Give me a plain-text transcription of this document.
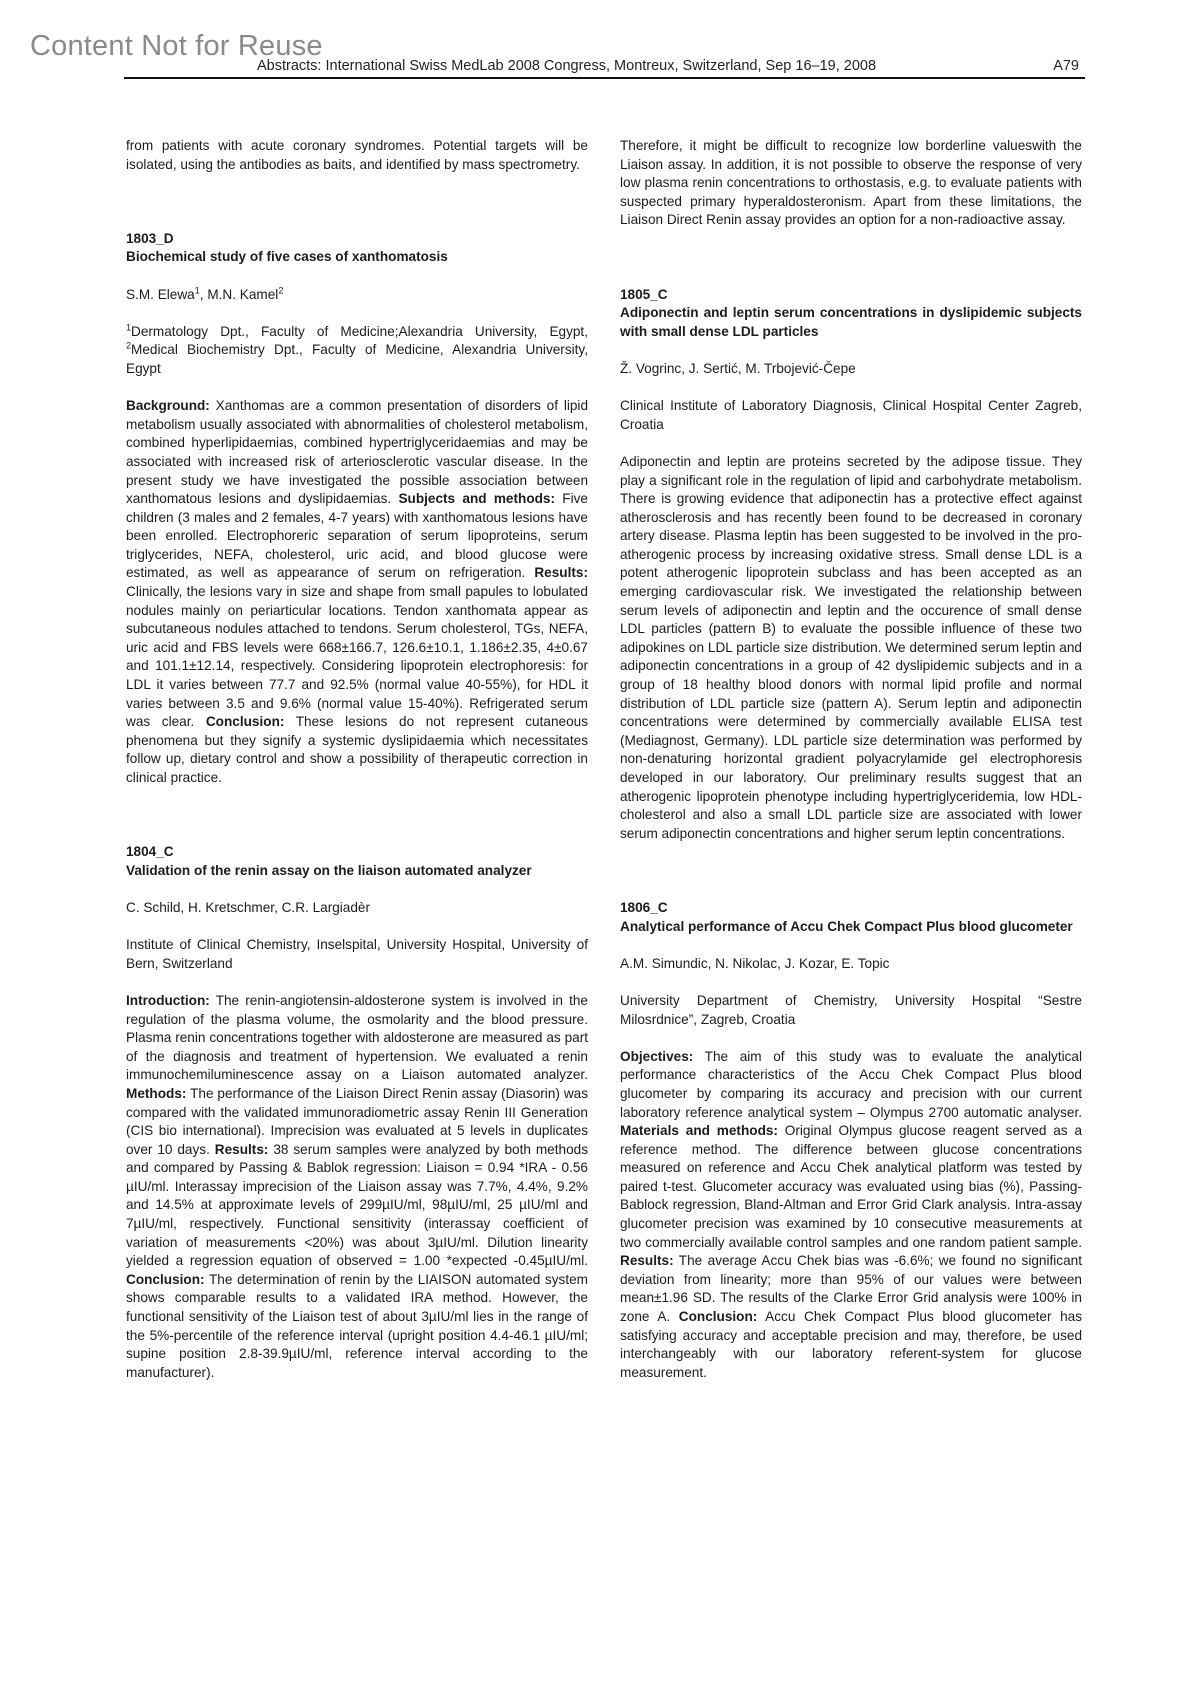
Content Not for Reuse
Abstracts: International Swiss MedLab 2008 Congress, Montreux, Switzerland, Sep 16–19, 2008	A79

from patients with acute coronary syndromes. Potential targets will be isolated, using the antibodies as baits, and identified by mass spectrometry.

1803_D

Biochemical study of five cases of xanthomatosis

S.M. Elewa$^1$, M.N. Kamel$^2$

$^1$Dermatology Dpt., Faculty of Medicine;Alexandria University, Egypt, $^2$Medical Biochemistry Dpt., Faculty of Medicine, Alexandria University, Egypt

Background: Xanthomas are a common presentation of disorders of lipid metabolism usually associated with abnormalities of cholesterol metabolism, combined hyperlipidaemias, combined hypertriglyceridaemias and may be associated with increased risk of arteriosclerotic vascular disease. In the present study we have investigated the possible association between xanthomatous lesions and dyslipidaemias. Subjects and methods: Five children (3 males and 2 females, 4-7 years) with xanthomatous lesions have been enrolled. Electrophoreric separation of serum lipoproteins, serum triglycerides, NEFA, cholesterol, uric acid, and blood glucose were estimated, as well as appearance of serum on refrigeration. Results: Clinically, the lesions vary in size and shape from small papules to lobulated nodules mainly on periarticular locations. Tendon xanthomata appear as subcutaneous nodules attached to tendons. Serum cholesterol, TGs, NEFA, uric acid and FBS levels were 668±166.7, 126.6±10.1, 1.186±2.35, 4±0.67 and 101.1±12.14, respectively. Considering lipoprotein electrophoresis: for LDL it varies between 77.7 and 92.5% (normal value 40-55%), for HDL it varies between 3.5 and 9.6% (normal value 15-40%). Refrigerated serum was clear. Conclusion: These lesions do not represent cutaneous phenomena but they signify a systemic dyslipidaemia which necessitates follow up, dietary control and show a possibility of therapeutic correction in clinical practice.

1804_C

Validation of the renin assay on the liaison automated analyzer

C. Schild, H. Kretschmer, C.R. Largiadèr

Institute of Clinical Chemistry, Inselspital, University Hospital, University of Bern, Switzerland

Introduction: The renin-angiotensin-aldosterone system is involved in the regulation of the plasma volume, the osmolarity and the blood pressure. Plasma renin concentrations together with aldosterone are measured as part of the diagnosis and treatment of hypertension. We evaluated a renin immunochemiluminescence assay on a Liaison automated analyzer. Methods: The performance of the Liaison Direct Renin assay (Diasorin) was compared with the validated immunoradiometric assay Renin III Generation (CIS bio international). Imprecision was evaluated at 5 levels in duplicates over 10 days. Results: 38 serum samples were analyzed by both methods and compared by Passing & Bablok regression: Liaison = 0.94 *IRA - 0.56 µIU/ml. Interassay imprecision of the Liaison assay was 7.7%, 4.4%, 9.2% and 14.5% at approximate levels of 299µIU/ml, 98µIU/ml, 25 µIU/ml and 7µIU/ml, respectively. Functional sensitivity (interassay coefficient of variation of measurements <20%) was about 3µIU/ml. Dilution linearity yielded a regression equation of observed = 1.00 *expected -0.45µIU/ml. Conclusion: The determination of renin by the LIAISON automated system shows comparable results to a validated IRA method. However, the functional sensitivity of the Liaison test of about 3µIU/ml lies in the range of the 5%-percentile of the reference interval (upright position 4.4-46.1 µIU/ml; supine position 2.8-39.9µIU/ml, reference interval according to the manufacturer).

Therefore, it might be difficult to recognize low borderline valueswith the Liaison assay. In addition, it is not possible to observe the response of very low plasma renin concentrations to orthostasis, e.g. to evaluate patients with suspected primary hyperaldosteronism. Apart from these limitations, the Liaison Direct Renin assay provides an option for a non-radioactive assay.

1805_C

Adiponectin and leptin serum concentrations in dyslipidemic subjects with small dense LDL particles

Ž. Vogrinc, J. Sertić, M. Trbojević-Čepe

Clinical Institute of Laboratory Diagnosis, Clinical Hospital Center Zagreb, Croatia

Adiponectin and leptin are proteins secreted by the adipose tissue. They play a significant role in the regulation of lipid and carbohydrate metabolism. There is growing evidence that adiponectin has a protective effect against atherosclerosis and has recently been found to be decreased in coronary artery disease. Plasma leptin has been suggested to be involved in the pro-atherogenic process by increasing oxidative stress. Small dense LDL is a potent atherogenic lipoprotein subclass and has been accepted as an emerging cardiovascular risk. We investigated the relationship between serum levels of adiponectin and leptin and the occurence of small dense LDL particles (pattern B) to evaluate the possible influence of these two adipokines on LDL particle size distribution. We determined serum leptin and adiponectin concentrations in a group of 42 dyslipidemic subjects and in a group of 18 healthy blood donors with normal lipid profile and normal distribution of LDL particle size (pattern A). Serum leptin and adiponectin concentrations were determined by commercially available ELISA test (Mediagnost, Germany). LDL particle size determination was performed by non-denaturing horizontal gradient polyacrylamide gel electrophoresis developed in our laboratory. Our preliminary results suggest that an atherogenic lipoprotein phenotype including hypertriglyceridemia, low HDL-cholesterol and also a small LDL particle size are associated with lower serum adiponectin concentrations and higher serum leptin concentrations.

1806_C

Analytical performance of Accu Chek Compact Plus blood glucometer

A.M. Simundic, N. Nikolac, J. Kozar, E. Topic

University Department of Chemistry, University Hospital “Sestre Milosrdnice”, Zagreb, Croatia

Objectives: The aim of this study was to evaluate the analytical performance characteristics of the Accu Chek Compact Plus blood glucometer by comparing its accuracy and precision with our current laboratory reference analytical system – Olympus 2700 automatic analyser. Materials and methods: Original Olympus glucose reagent served as a reference method. The difference between glucose concentrations measured on reference and Accu Chek analytical platform was tested by paired t-test. Glucometer accuracy was evaluated using bias (%), Passing-Bablock regression, Bland-Altman and Error Grid Clark analysis. Intra-assay glucometer precision was examined by 10 consecutive measurements at two commercially available control samples and one random patient sample. Results: The average Accu Chek bias was -6.6%; we found no significant deviation from linearity; more than 95% of our values were between mean±1.96 SD. The results of the Clarke Error Grid analysis were 100% in zone A. Conclusion: Accu Chek Compact Plus blood glucometer has satisfying accuracy and acceptable precision and may, therefore, be used interchangeably with our laboratory referent-system for glucose measurement.
